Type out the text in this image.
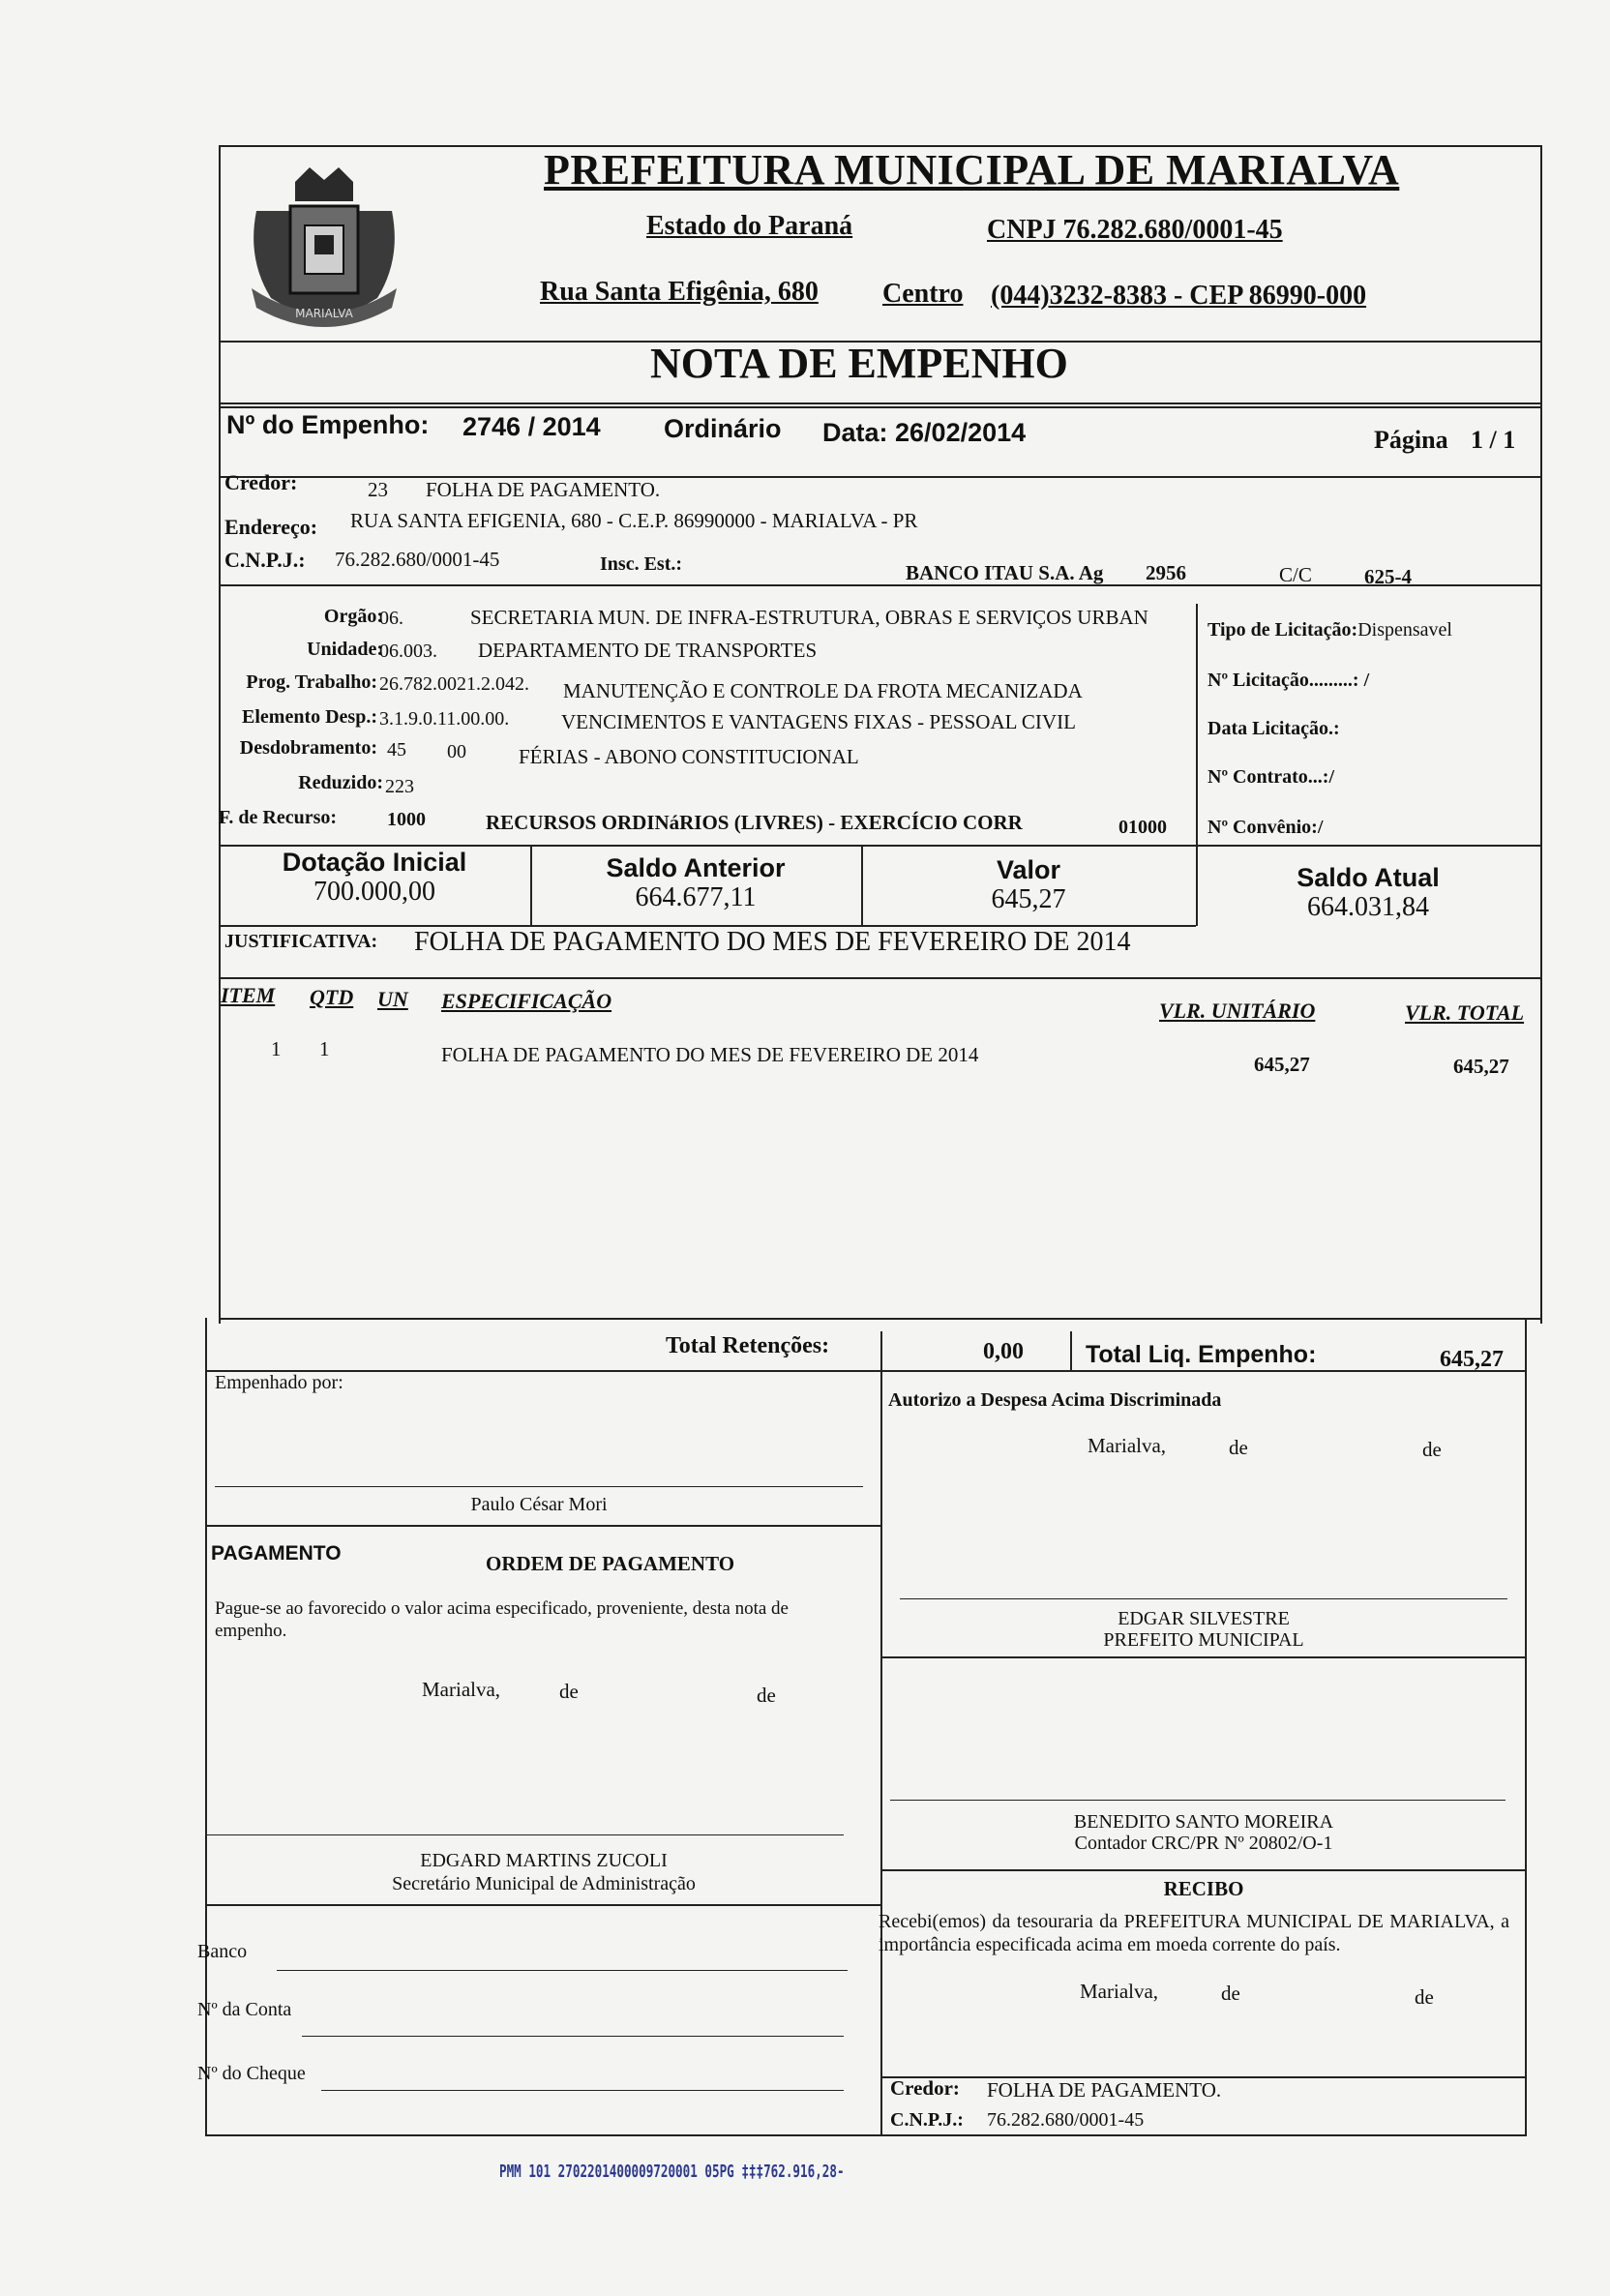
MARIALVA
PREFEITURA MUNICIPAL DE MARIALVA
Estado do Paraná	CNPJ 76.282.680/0001-45
Rua Santa Efigênia, 680 Centro (044)3232-8383 - CEP 86990-000
NOTA DE EMPENHO
Nº do Empenho: 2746 / 2014 Ordinário Data: 26/02/2014	Página 1 / 1
Credor:	23 FOLHA DE PAGAMENTO.
Endereço: RUA SANTA EFIGENIA, 680 - C.E.P. 86990000 - MARIALVA - PR
C.N.P.J.: 76.282.680/0001-45	Insc. Est.:	BANCO ITAU S.A. Ag 2956	C/C	625-4
Orgão:
06.	SECRETARIA MUN. DE INFRA-ESTRUTURA, OBRAS E SERVIÇOS URBAN
Unidade:
06.003. DEPARTAMENTO DE TRANSPORTES
Prog. Trabalho: 26.782.0021.2.042. MANUTENÇÃO E CONTROLE DA FROTA MECANIZADA
Elemento Desp.: 3.1.9.0.11.00.00.	VENCIMENTOS E VANTAGENS FIXAS - PESSOAL CIVIL
Desdobramento: 45 00	FÉRIAS - ABONO CONSTITUCIONAL
Reduzido: 223
F. de Recurso:	1000	RECURSOS ORDINáRIOS (LIVRES) - EXERCÍCIO CORR	01000
Tipo de Licitação:Dispensavel
Nº Licitação.........: /
Data Licitação.:
Nº Contrato...:/
Nº Convênio:/
Dotação Inicial
700.000,00
Saldo Anterior
664.677,11
Valor
645,27
Saldo Atual
664.031,84
JUSTIFICATIVA: FOLHA DE PAGAMENTO DO MES DE FEVEREIRO DE 2014
ITEM QTD UN ESPECIFICAÇÃO	VLR. UNITÁRIO	VLR. TOTAL
1 1	FOLHA DE PAGAMENTO DO MES DE FEVEREIRO DE 2014	645,27	645,27
Total Retenções:	0,00	Total Liq. Empenho:	645,27
Empenhado por:
Paulo César Mori
PAGAMENTO	ORDEM DE PAGAMENTO
Pague-se ao favorecido o valor acima especificado, proveniente, desta nota de empenho.
Marialva,	de	de
EDGARD MARTINS ZUCOLI
Secretário Municipal de Administração
Banco
Nº da Conta
Nº do Cheque
Autorizo a Despesa Acima Discriminada
Marialva,	de	de
EDGAR SILVESTRE
PREFEITO MUNICIPAL
BENEDITO SANTO MOREIRA
Contador CRC/PR Nº 20802/O-1
RECIBO
Recebi(emos) da tesouraria da PREFEITURA MUNICIPAL DE MARIALVA, a importância especificada acima em moeda corrente do país.
Marialva,	de	de
Credor: FOLHA DE PAGAMENTO.
C.N.P.J.: 76.282.680/0001-45
PMM 101 2702201400009720001 05PG ‡‡‡762.916,28-
